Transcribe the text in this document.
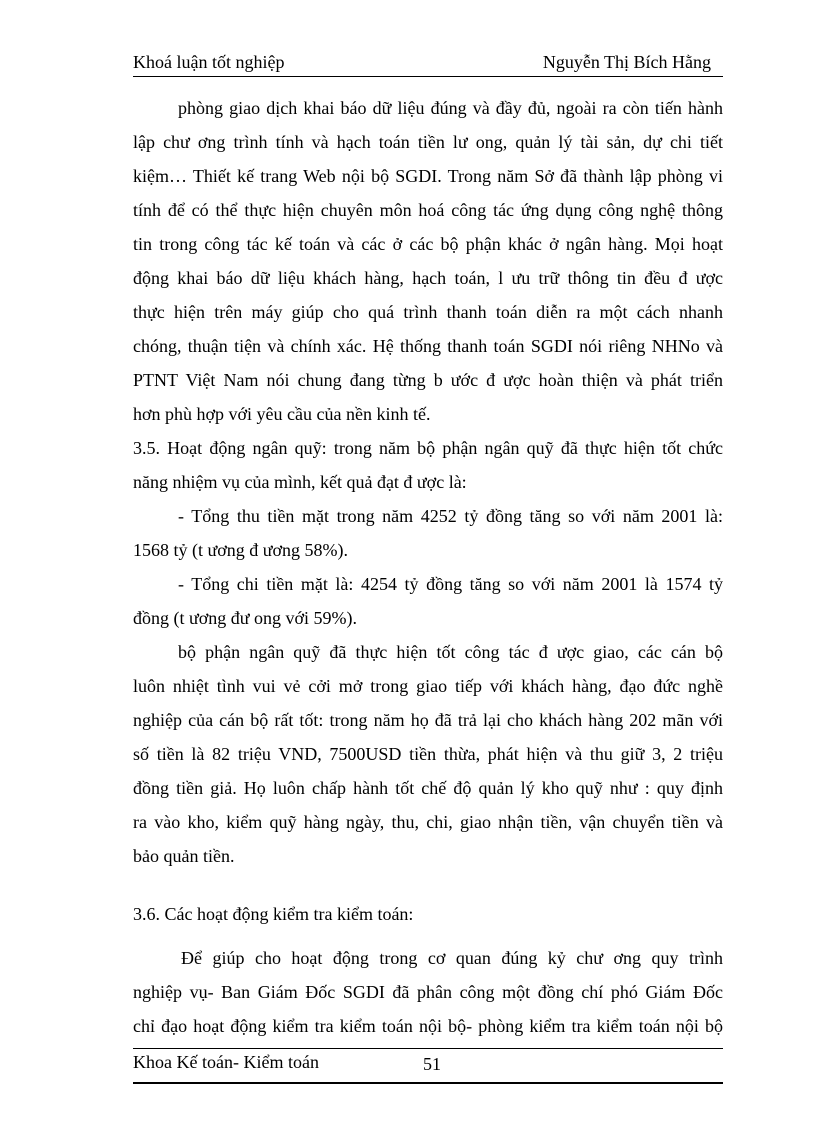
Khoá luận tốt nghiệp	Nguyễn Thị Bích Hằng
phòng giao dịch khai báo dữ liệu đúng và đầy đủ, ngoài ra còn tiến hành
lập chư ơng trình tính và hạch toán tiền lư ong, quản lý tài sản, dự chi tiết
kiệm… Thiết kế trang Web nội bộ SGDI. Trong năm Sở đã thành lập phòng vi
tính để có thể thực hiện chuyên môn hoá công tác ứng dụng công nghệ thông
tin trong công tác kế toán và các ở các bộ phận khác ở ngân hàng. Mọi hoạt
động khai báo dữ liệu khách hàng, hạch toán, l ưu trữ thông tin đều đ ược
thực hiện trên máy giúp cho quá trình thanh toán diễn ra một cách nhanh
chóng, thuận tiện và chính xác. Hệ thống thanh toán SGDI nói riêng NHNo và
PTNT Việt Nam nói chung đang từng b ước đ ược hoàn thiện và phát triển
hơn phù hợp với yêu cầu của nền kinh tế.
3.5. Hoạt động ngân quỹ: trong năm bộ phận ngân quỹ đã thực hiện tốt chức
năng nhiệm vụ của mình, kết quả đạt đ ược là:
- Tổng thu tiền mặt trong năm 4252 tỷ đồng tăng so với năm 2001 là:
1568 tỷ (t ương đ ương 58%).
- Tổng chi tiền mặt là: 4254 tỷ đồng tăng so với năm 2001 là 1574 tỷ
đồng (t ương đư ong với 59%).
bộ phận ngân quỹ đã thực hiện tốt công tác đ ược giao, các cán bộ
luôn nhiệt tình vui vẻ cởi mở trong giao tiếp với khách hàng, đạo đức nghề
nghiệp của cán bộ rất tốt: trong năm họ đã trả lại cho khách hàng 202 mãn với
số tiền là 82 triệu VND, 7500USD tiền thừa, phát hiện và thu giữ 3, 2 triệu
đồng tiền giả. Họ luôn chấp hành tốt chế độ quản lý kho quỹ như : quy định
ra vào kho, kiểm quỹ hàng ngày, thu, chi, giao nhận tiền, vận chuyển tiền và
bảo quản tiền.
3.6. Các hoạt động kiểm tra kiểm toán:
Để giúp cho hoạt động trong cơ quan đúng kỷ chư ơng quy trình
nghiệp vụ- Ban Giám Đốc SGDI đã phân công một đồng chí phó Giám Đốc
chỉ đạo hoạt động kiểm tra kiểm toán nội bộ- phòng kiểm tra kiểm toán nội bộ
Khoa Kế toán- Kiểm toán	51
